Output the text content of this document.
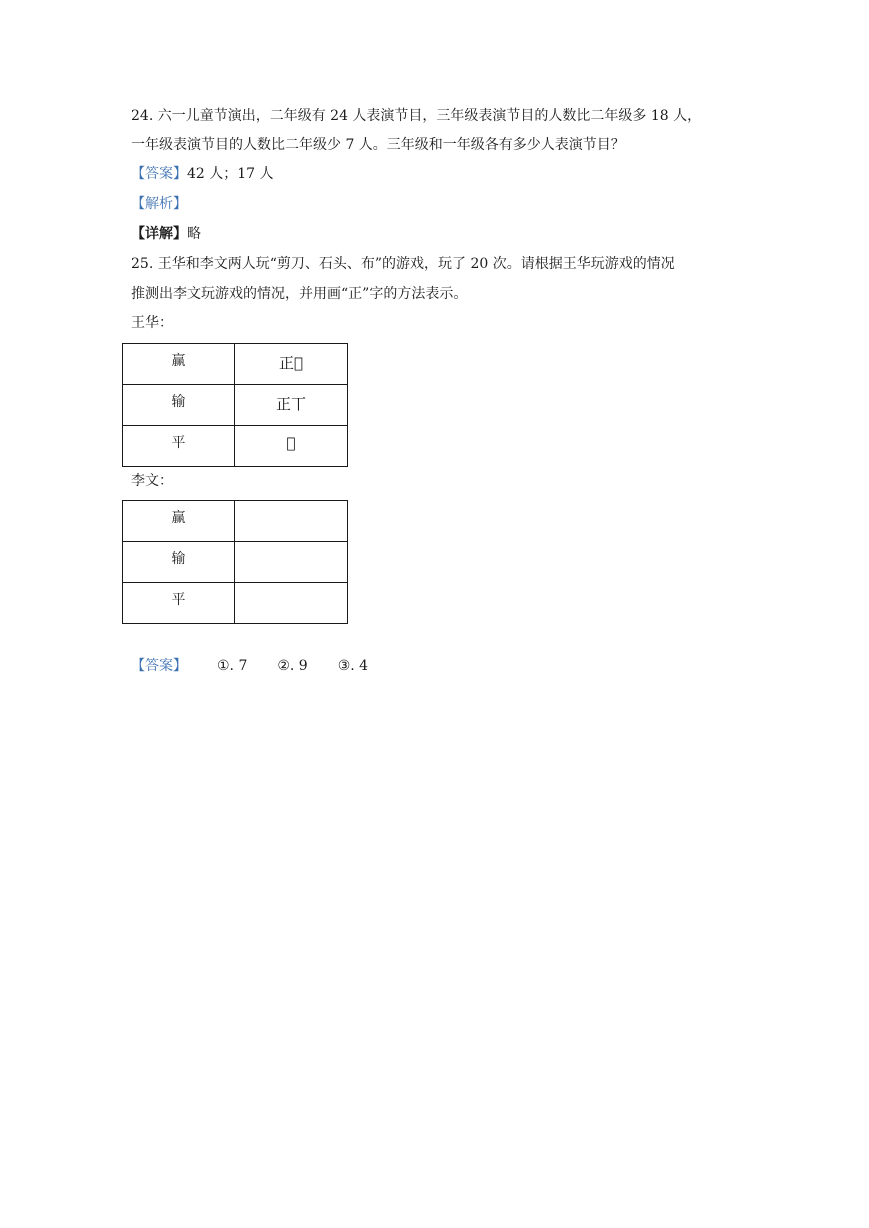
24. 六一儿童节演出，二年级有 24 人表演节目，三年级表演节目的人数比二年级多 18 人，
一年级表演节目的人数比二年级少 7 人。三年级和一年级各有多少人表演节目？
【答案】42 人；17 人
【解析】
【详解】略
25. 王华和李文两人玩“剪刀、石头、布”的游戏，玩了 20 次。请根据王华玩游戏的情况
推测出李文玩游戏的情况，并用画“正”字的方法表示。
王华：
赢	正𠀆
输	正丅
平	𠀆
李文：
赢	
输	
平	
【答案】 ①. 7 ②. 9 ③. 4
